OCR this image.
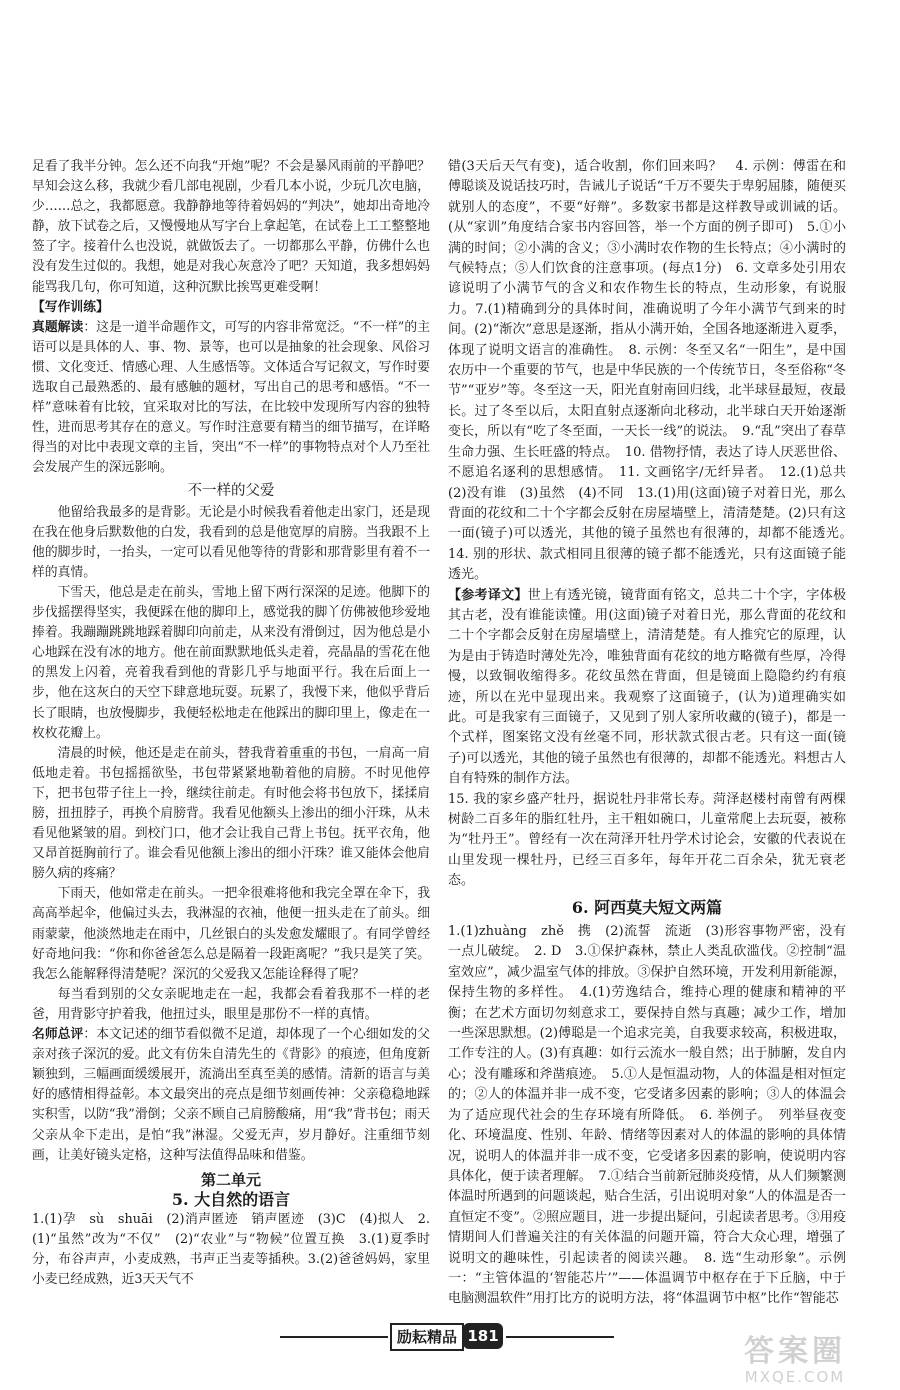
足看了我半分钟。怎么还不向我“开炮”呢？不会是暴风雨前的平静吧？早知会这么移，我就少看几部电视剧，少看几本小说，少玩几次电脑，少……总之，我都愿意。我静静地等待着妈妈的“判决”，她却出奇地冷静，放下试卷之后，又慢慢地从写字台上拿起笔，在试卷上工工整整地签了字。接着什么也没说，就做饭去了。一切都那么平静，仿佛什么也没有发生过似的。我想，她是对我心灰意冷了吧？天知道，我多想妈妈能骂我几句，你可知道，这种沉默比挨骂更难受啊！

【写作训练】

真题解读：这是一道半命题作文，可写的内容非常宽泛。“不一样”的主语可以是具体的人、事、物、景等，也可以是抽象的社会现象、风俗习惯、文化变迁、情感心理、人生感悟等。文体适合写记叙文，写作时要选取自己最熟悉的、最有感触的题材，写出自己的思考和感悟。“不一样”意味着有比较，宜采取对比的写法，在比较中发现所写内容的独特性，进而思考其存在的意义。写作时注意要有精当的细节描写，在详略得当的对比中表现文章的主旨，突出“不一样”的事物特点对个人乃至社会发展产生的深远影响。

不一样的父爱

他留给我最多的是背影。无论是小时候我看着他走出家门，还是现在我在他身后默数他的白发，我看到的总是他宽厚的肩膀。当我跟不上他的脚步时，一抬头，一定可以看见他等待的背影和那背影里有着不一样的真情。

下雪天，他总是走在前头，雪地上留下两行深深的足迹。他脚下的步伐摇摆得坚实，我便踩在他的脚印上，感觉我的脚丫仿佛被他珍爱地捧着。我蹦蹦跳跳地踩着脚印向前走，从来没有滑倒过，因为他总是小心地踩在没有冰的地方。他在前面默默地低头走着，亮晶晶的雪花在他的黑发上闪着，亮着我看到他的背影几乎与地面平行。我在后面上一步，他在这灰白的天空下肆意地玩耍。玩累了，我慢下来，他似乎背后长了眼睛，也放慢脚步，我便轻松地走在他踩出的脚印里上，像走在一枚枚花瓣上。

清晨的时候，他还是走在前头，替我背着重重的书包，一肩高一肩低地走着。书包摇摇欲坠，书包带紧紧地勒着他的肩膀。不时见他停下，把书包带子往上一拎，继续往前走。有时他会将书包放下，揉揉肩膀，扭扭脖子，再换个肩膀背。我看见他额头上渗出的细小汗珠，从未看见他紧皱的眉。到校门口，他才会让我自己背上书包。抚平衣角，他又昂首挺胸前行了。谁会看见他额上渗出的细小汗珠？谁又能体会他肩膀久病的疼痛？

下雨天，他如常走在前头。一把伞很难将他和我完全罩在伞下，我高高举起伞，他偏过头去，我淋湿的衣袖，他便一扭头走在了前头。细雨蒙蒙，他淡然地走在雨中，几丝银白的头发愈发耀眼了。有同学曾经好奇地问我：“你和你爸爸怎么总是隔着一段距离呢？”我只是笑了笑。我怎么能解释得清楚呢？深沉的父爱我又怎能诠释得了呢？

每当看到别的父女亲昵地走在一起，我都会看着我那不一样的老爸，用背影守护着我，他扭过头，眼里是那份不一样的真情。

名师总评：本文记述的细节看似微不足道，却体现了一个心细如发的父亲对孩子深沉的爱。此文有仿朱自清先生的《背影》的痕迹，但角度新颖独到，三幅画面缓缓展开，流淌出至真至美的感情。清新的语言与美好的感情相得益彰。本文最突出的亮点是细节刻画传神：父亲稳稳地踩实积雪，以防“我”滑倒；父亲不顾自己肩膀酸痛，用“我”背书包；雨天父亲从伞下走出，是怕“我”淋湿。父爱无声，岁月静好。注重细节刻画，让美好镜头定格，这种写法值得品味和借鉴。

第二单元

5. 大自然的语言

1.(1)孕　sù　shuāi　(2)消声匿迹　销声匿迹　(3)C　(4)拟人　2.(1)“虽然”改为“不仅”　(2)“农业”与“物候”位置互换　3.(1)夏季时分，布谷声声，小麦成熟，书声正当麦等插秧。3.(2)爸爸妈妈，家里小麦已经成熟，近3天天气不

错(3天后天气有变)，适合收割，你们回来吗？　4. 示例：傅雷在和傅聪谈及说话技巧时，告诫儿子说话“千万不要失于卑躬屈膝，随便买就别人的态度”，不要“好辩”。多数家书都是这样教导或训诫的话。(从“家训”角度结合家书内容回答，举一个方面的例子即可)　5.①小满的时间；②小满的含义；③小满时农作物的生长特点；④小满时的气候特点；⑤人们饮食的注意事项。(每点1分)　6. 文章多处引用农谚说明了小满节气的含义和农作物生长的特点，生动形象，有说服力。7.(1)精确到分的具体时间，准确说明了今年小满节气到来的时间。(2)“渐次”意思是逐渐，指从小满开始，全国各地逐渐进入夏季，体现了说明文语言的准确性。　8. 示例：冬至又名“一阳生”，是中国农历中一个重要的节气，也是中华民族的一个传统节日，冬至俗称“冬节”“亚岁”等。冬至这一天，阳光直射南回归线，北半球昼最短，夜最长。过了冬至以后，太阳直射点逐渐向北移动，北半球白天开始逐渐变长，所以有“吃了冬至面，一天长一线”的说法。　9.“乱”突出了春草生命力强、生长旺盛的特点。　10. 借物抒情，表达了诗人厌恶世俗、不愿追名逐利的思想感情。　11. 文画铭字/无纤异者。　12.(1)总共　(2)没有谁　(3)虽然　(4)不同　13.(1)用(这面)镜子对着日光，那么背面的花纹和二十个字都会反射在房屋墙壁上，清清楚楚。(2)只有这一面(镜子)可以透光，其他的镜子虽然也有很薄的，却都不能透光。　14. 别的形状、款式相同且很薄的镜子都不能透光，只有这面镜子能透光。

【参考译文】世上有透光镜，镜背面有铭文，总共二十个字，字体极其古老，没有谁能读懂。用(这面)镜子对着日光，那么背面的花纹和二十个字都会反射在房屋墙壁上，清清楚楚。有人推究它的原理，认为是由于铸造时薄处先冷，唯独背面有花纹的地方略微有些厚，冷得慢，以致铜收缩得多。花纹虽然在背面，但是镜面上隐隐约约有痕迹，所以在光中显现出来。我观察了这面镜子，(认为)道理确实如此。可是我家有三面镜子，又见到了别人家所收藏的(镜子)，都是一个式样，图案铭文没有丝毫不同，形状款式很古老。只有这一面(镜子)可以透光，其他的镜子虽然也有很薄的，却都不能透光。料想古人自有特殊的制作方法。

15. 我的家乡盛产牡丹，据说牡丹非常长寿。菏泽赵楼村南曾有两棵树龄二百多年的脂红牡丹，主干粗如碗口，儿童常爬上去玩耍，被称为“牡丹王”。曾经有一次在菏泽开牡丹学术讨论会，安徽的代表说在山里发现一棵牡丹，已经三百多年，每年开花二百余朵，犹无衰老态。

6. 阿西莫夫短文两篇

1.(1)zhuàng　zhě　携　(2)流誓　流逝　(3)形容事物严密，没有一点儿破绽。　2. D　3.①保护森林，禁止人类乱砍滥伐。②控制“温室效应”，减少温室气体的排放。③保护自然环境，开发利用新能源，保持生物的多样性。　4.(1)劳逸结合，维持心理的健康和精神的平衡；在艺术方面切勿刻意求工，要保持自然与真趣；减少工作，增加一些深思默想。(2)傅聪是一个追求完美，自我要求较高，积极进取，工作专注的人。(3)有真趣：如行云流水一般自然；出于肺腑，发自内心；没有雕琢和斧凿痕迹。　5.①人是恒温动物，人的体温是相对恒定的；②人的体温并非一成不变，它受诸多因素的影响；③人的体温会为了适应现代社会的生存环境有所降低。　6. 举例子。　列举昼夜变化、环境温度、性别、年龄、情绪等因素对人的体温的影响的具体情况，说明人的体温并非一成不变，它受诸多因素的影响，使说明内容具体化，便于读者理解。　7.①结合当前新冠肺炎疫情，从人们频繁测体温时所遇到的问题谈起，贴合生活，引出说明对象“人的体温是否一直恒定不变”。②照应题目，进一步提出疑问，引起读者思考。③用疫情期间人们普遍关注的有关体温的问题开篇，符合大众心理，增强了说明文的趣味性，引起读者的阅读兴趣。　8. 选“生动形象”。示例一：“主管体温的‘智能芯片’”——体温调节中枢存在于下丘脑，中于电脑测温软件”用打比方的说明方法，将“体温调节中枢”比作“智能芯

励耘精品 181	答案圈
MXQE.COM
